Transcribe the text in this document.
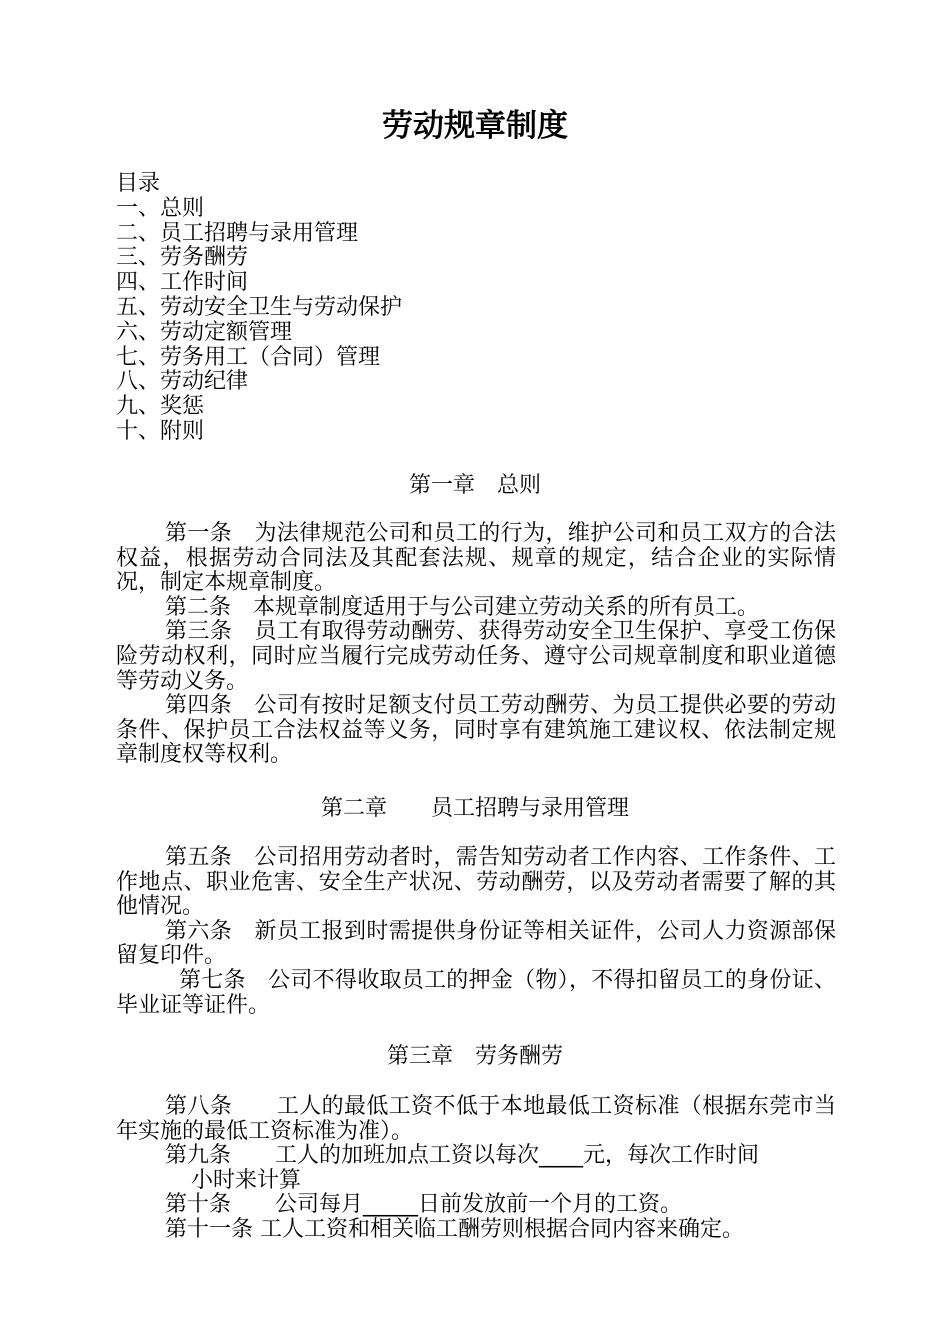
劳动规章制度
目录
一、总则
二、员工招聘与录用管理
三、劳务酬劳
四、工作时间
五、劳动安全卫生与劳动保护
六、劳动定额管理
七、劳务用工（合同）管理
八、劳动纪律
九、奖惩
十、附则
第一章　总则

第一条　为法律规范公司和员工的行为，维护公司和员工双方的合法权益，根据劳动合同法及其配套法规、规章的规定，结合企业的实际情况，制定本规章制度。

第二条　本规章制度适用于与公司建立劳动关系的所有员工。

第三条　员工有取得劳动酬劳、获得劳动安全卫生保护、享受工伤保险劳动权利，同时应当履行完成劳动任务、遵守公司规章制度和职业道德等劳动义务。

第四条　公司有按时足额支付员工劳动酬劳、为员工提供必要的劳动条件、保护员工合法权益等义务，同时享有建筑施工建议权、依法制定规章制度权等权利。

第二章　　员工招聘与录用管理

第五条　公司招用劳动者时，需告知劳动者工作内容、工作条件、工作地点、职业危害、安全生产状况、劳动酬劳，以及劳动者需要了解的其他情况。

第六条　新员工报到时需提供身份证等相关证件，公司人力资源部保留复印件。

第七条　公司不得收取员工的押金（物），不得扣留员工的身份证、毕业证等证件。

第三章　劳务酬劳

第八条　　工人的最低工资不低于本地最低工资标准（根据东莞市当年实施的最低工资标准为准）。

第九条　　工人的加班加点工资以每次____元，每次工作时间

小时来计算

第十条　　公司每月_____日前发放前一个月的工资。

第十一条 工人工资和相关临工酬劳则根据合同内容来确定。
